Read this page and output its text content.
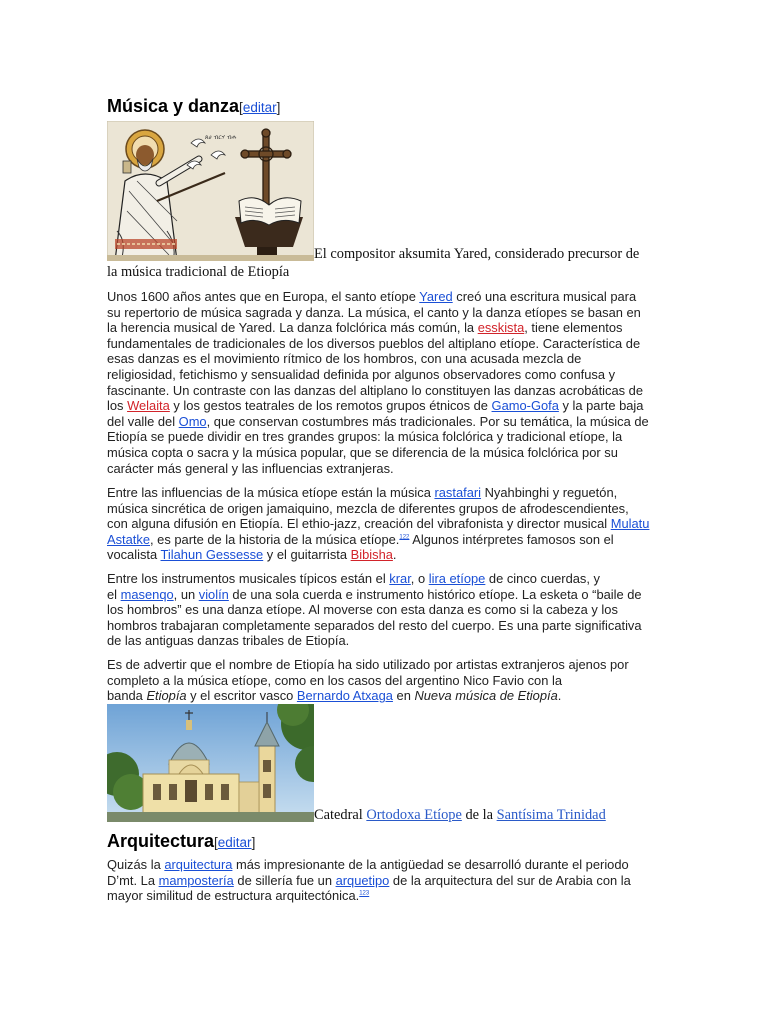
Música y danza[editar]
ጸሀ ብርሃ ብሐ
El compositor aksumita Yared, considerado precursor de
la música tradicional de Etiopía
Unos 1600 años antes que en Europa, el santo etíope Yared creó una escritura musical para
su repertorio de música sagrada y danza. La música, el canto y la danza etíopes se basan en
la herencia musical de Yared. La danza folclórica más común, la esskista, tiene elementos
fundamentales de tradicionales de los diversos pueblos del altiplano etíope. Característica de
esas danzas es el movimiento rítmico de los hombros, con una acusada mezcla de
religiosidad, fetichismo y sensualidad definida por algunos observadores como confusa y
fascinante. Un contraste con las danzas del altiplano lo constituyen las danzas acrobáticas de
los Welaita y los gestos teatrales de los remotos grupos étnicos de Gamo-Gofa y la parte baja
del valle del Omo, que conservan costumbres más tradicionales. Por su temática, la música de
Etiopía se puede dividir en tres grandes grupos: la música folclórica y tradicional etíope, la
música copta o sacra y la música popular, que se diferencia de la música folclórica por su
carácter más general y las influencias extranjeras.
Entre las influencias de la música etíope están la música rastafari Nyahbinghi y reguetón,
música sincrética de origen jamaiquino, mezcla de diferentes grupos de afrodescendientes,
con alguna difusión en Etiopía. El ethio-jazz, creación del vibrafonista y director musical Mulatu
Astatke, es parte de la historia de la música etíope.$^{122}$ Algunos intérpretes famosos son el
vocalista Tilahun Gessesse y el guitarrista Bibisha.
Entre los instrumentos musicales típicos están el krar, o lira etíope de cinco cuerdas, y
el masenqo, un violín de una sola cuerda e instrumento histórico etíope. La esketa o “baile de
los hombros” es una danza etíope. Al moverse con esta danza es como si la cabeza y los
hombros trabajaran completamente separados del resto del cuerpo. Es una parte significativa
de las antiguas danzas tribales de Etiopía.
Es de advertir que el nombre de Etiopía ha sido utilizado por artistas extranjeros ajenos por
completo a la música etíope, como en los casos del argentino Nico Favio con la
banda Etiopía y el escritor vasco Bernardo Atxaga en Nueva música de Etiopía.
Catedral Ortodoxa Etíope de la Santísima Trinidad
Arquitectura[editar]
Quizás la arquitectura más impresionante de la antigüedad se desarrolló durante el periodo
Dʼmt. La mampostería de sillería fue un arquetipo de la arquitectura del sur de Arabia con la
mayor similitud de estructura arquitectónica.$^{123}$
